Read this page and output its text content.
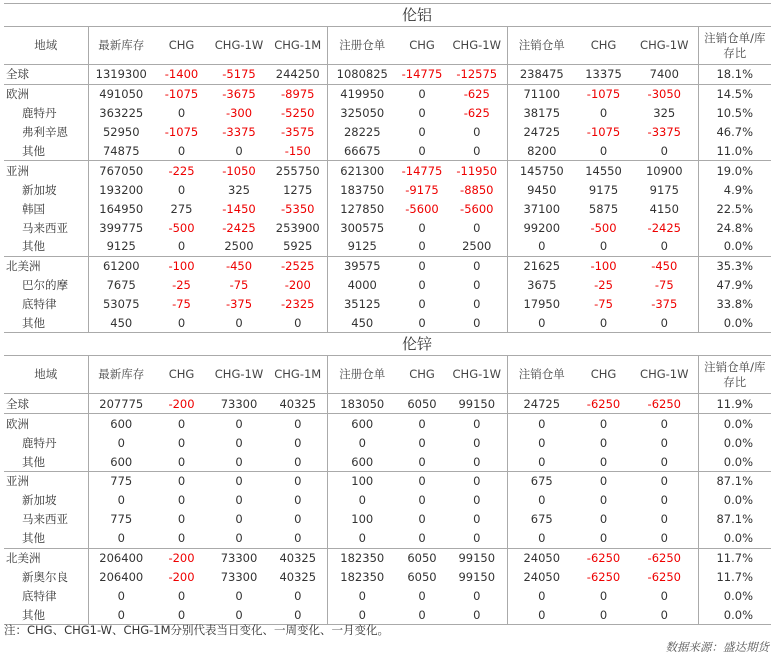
					伦铝						
地域	最新库存	CHG	CHG-1W	CHG-1M	注册仓单	CHG	CHG-1W	注销仓单	CHG	CHG-1W	注销仓单/库存比
全球	1319300	-1400	-5175	244250	1080825	-14775	-12575	238475	13375	7400	18.1%
欧洲	491050	-1075	-3675	-8975	419950	0	-625	71100	-1075	-3050	14.5%
鹿特丹	363225	0	-300	-5250	325050	0	-625	38175	0	325	10.5%
弗利辛恩	52950	-1075	-3375	-3575	28225	0	0	24725	-1075	-3375	46.7%
其他	74875	0	0	-150	66675	0	0	8200	0	0	11.0%
亚洲	767050	-225	-1050	255750	621300	-14775	-11950	145750	14550	10900	19.0%
新加坡	193200	0	325	1275	183750	-9175	-8850	9450	9175	9175	4.9%
韩国	164950	275	-1450	-5350	127850	-5600	-5600	37100	5875	4150	22.5%
马来西亚	399775	-500	-2425	253900	300575	0	0	99200	-500	-2425	24.8%
其他	9125	0	2500	5925	9125	0	2500	0	0	0	0.0%
北美洲	61200	-100	-450	-2525	39575	0	0	21625	-100	-450	35.3%
巴尔的摩	7675	-25	-75	-200	4000	0	0	3675	-25	-75	47.9%
底特律	53075	-75	-375	-2325	35125	0	0	17950	-75	-375	33.8%
其他	450	0	0	0	450	0	0	0	0	0	0.0%
					伦锌						
地域	最新库存	CHG	CHG-1W	CHG-1M	注册仓单	CHG	CHG-1W	注销仓单	CHG	CHG-1W	注销仓单/库存比
全球	207775	-200	73300	40325	183050	6050	99150	24725	-6250	-6250	11.9%
欧洲	600	0	0	0	600	0	0	0	0	0	0.0%
鹿特丹	0	0	0	0	0	0	0	0	0	0	0.0%
其他	600	0	0	0	600	0	0	0	0	0	0.0%
亚洲	775	0	0	0	100	0	0	675	0	0	87.1%
新加坡	0	0	0	0	0	0	0	0	0	0	0.0%
马来西亚	775	0	0	0	100	0	0	675	0	0	87.1%
其他	0	0	0	0	0	0	0	0	0	0	0.0%
北美洲	206400	-200	73300	40325	182350	6050	99150	24050	-6250	-6250	11.7%
新奥尔良	206400	-200	73300	40325	182350	6050	99150	24050	-6250	-6250	11.7%
底特律	0	0	0	0	0	0	0	0	0	0	0.0%
其他	0	0	0	0	0	0	0	0	0	0	0.0%
注：CHG、CHG1-W、CHG-1M分别代表当日变化、一周变化、一月变化。
数据来源：盛达期货
